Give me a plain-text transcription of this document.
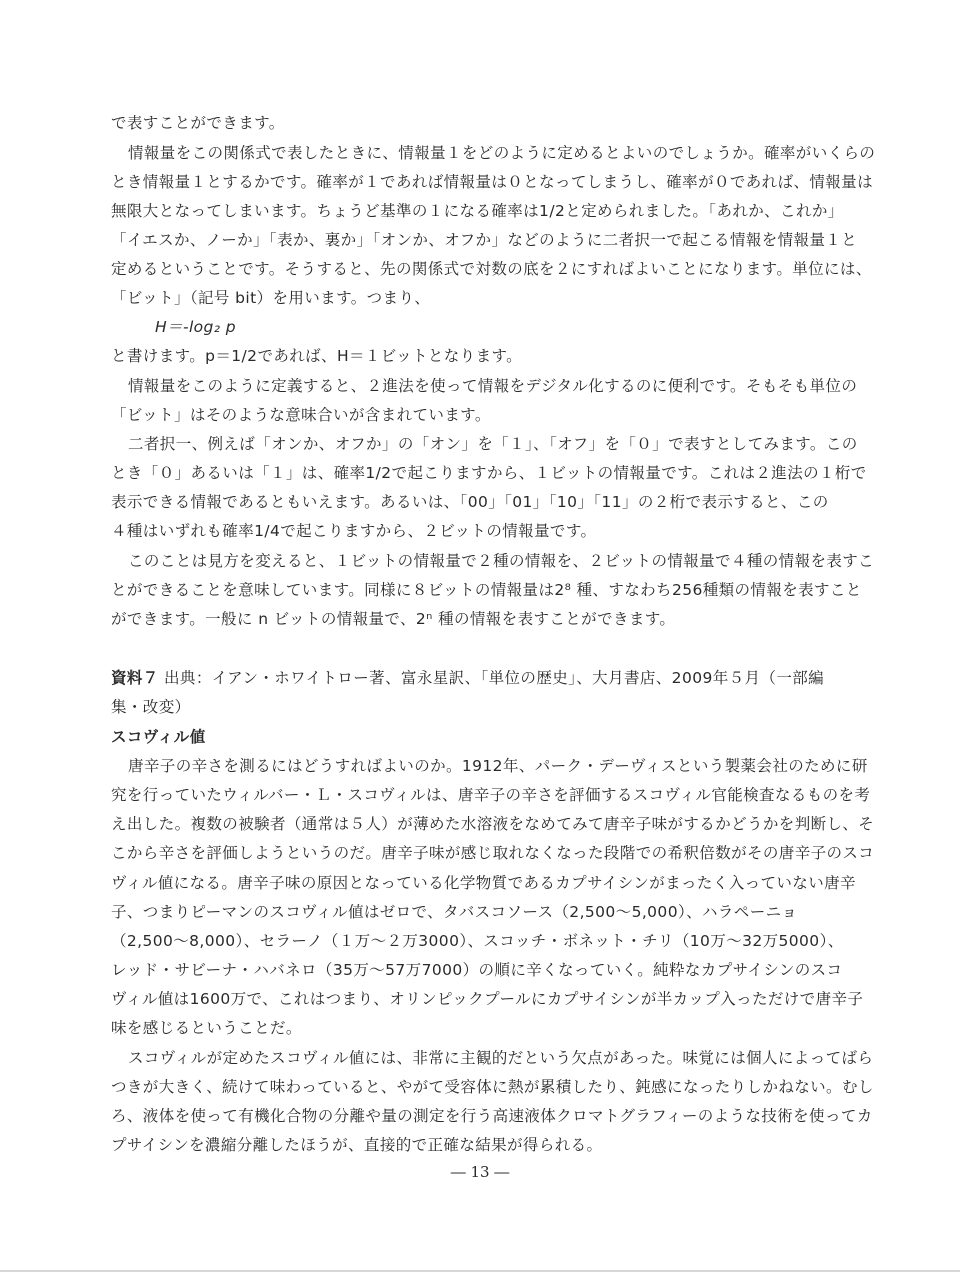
で表すことができます。
情報量をこの関係式で表したときに、情報量１をどのように定めるとよいのでしょうか。確率がいくらの
とき情報量１とするかです。確率が１であれば情報量は０となってしまうし、確率が０であれば、情報量は
無限大となってしまいます。ちょうど基準の１になる確率は1/2と定められました。「あれか、これか」
「イエスか、ノーか」「表か、裏か」「オンか、オフか」などのように二者択一で起こる情報を情報量１と
定めるということです。そうすると、先の関係式で対数の底を２にすればよいことになります。単位には、
「ビット」（記号 bit）を用います。つまり、
H＝-log₂ p
と書けます。p＝1/2であれば、H＝１ビットとなります。
情報量をこのように定義すると、２進法を使って情報をデジタル化するのに便利です。そもそも単位の
「ビット」はそのような意味合いが含まれています。
二者択一、例えば「オンか、オフか」の「オン」を「１」、「オフ」を「０」で表すとしてみます。この
とき「０」あるいは「１」は、確率1/2で起こりますから、１ビットの情報量です。これは２進法の１桁で
表示できる情報であるともいえます。あるいは、「00」「01」「10」「11」の２桁で表示すると、この
４種はいずれも確率1/4で起こりますから、２ビットの情報量です。
このことは見方を変えると、１ビットの情報量で２種の情報を、２ビットの情報量で４種の情報を表すこ
とができることを意味しています。同様に８ビットの情報量は2⁸ 種、すなわち256種類の情報を表すこと
ができます。一般に n ビットの情報量で、2ⁿ 種の情報を表すことができます。
資料７ 出典：イアン・ホワイトロー著、富永星訳、「単位の歴史」、大月書店、2009年５月（一部編
集・改変）
スコヴィル値
唐辛子の辛さを測るにはどうすればよいのか。1912年、パーク・デーヴィスという製薬会社のために研
究を行っていたウィルバー・Ｌ・スコヴィルは、唐辛子の辛さを評価するスコヴィル官能検査なるものを考
え出した。複数の被験者（通常は５人）が薄めた水溶液をなめてみて唐辛子味がするかどうかを判断し、そ
こから辛さを評価しようというのだ。唐辛子味が感じ取れなくなった段階での希釈倍数がその唐辛子のスコ
ヴィル値になる。唐辛子味の原因となっている化学物質であるカプサイシンがまったく入っていない唐辛
子、つまりピーマンのスコヴィル値はゼロで、タバスコソース（2,500〜5,000）、ハラペーニョ
（2,500〜8,000）、セラーノ（１万〜２万3000）、スコッチ・ボネット・チリ（10万〜32万5000）、
レッド・サビーナ・ハバネロ（35万〜57万7000）の順に辛くなっていく。純粋なカプサイシンのスコ
ヴィル値は1600万で、これはつまり、オリンピックプールにカプサイシンが半カップ入っただけで唐辛子
味を感じるということだ。
スコヴィルが定めたスコヴィル値には、非常に主観的だという欠点があった。味覚には個人によってばら
つきが大きく、続けて味わっていると、やがて受容体に熱が累積したり、鈍感になったりしかねない。むし
ろ、液体を使って有機化合物の分離や量の測定を行う高速液体クロマトグラフィーのような技術を使ってカ
プサイシンを濃縮分離したほうが、直接的で正確な結果が得られる。
― 13 ―
